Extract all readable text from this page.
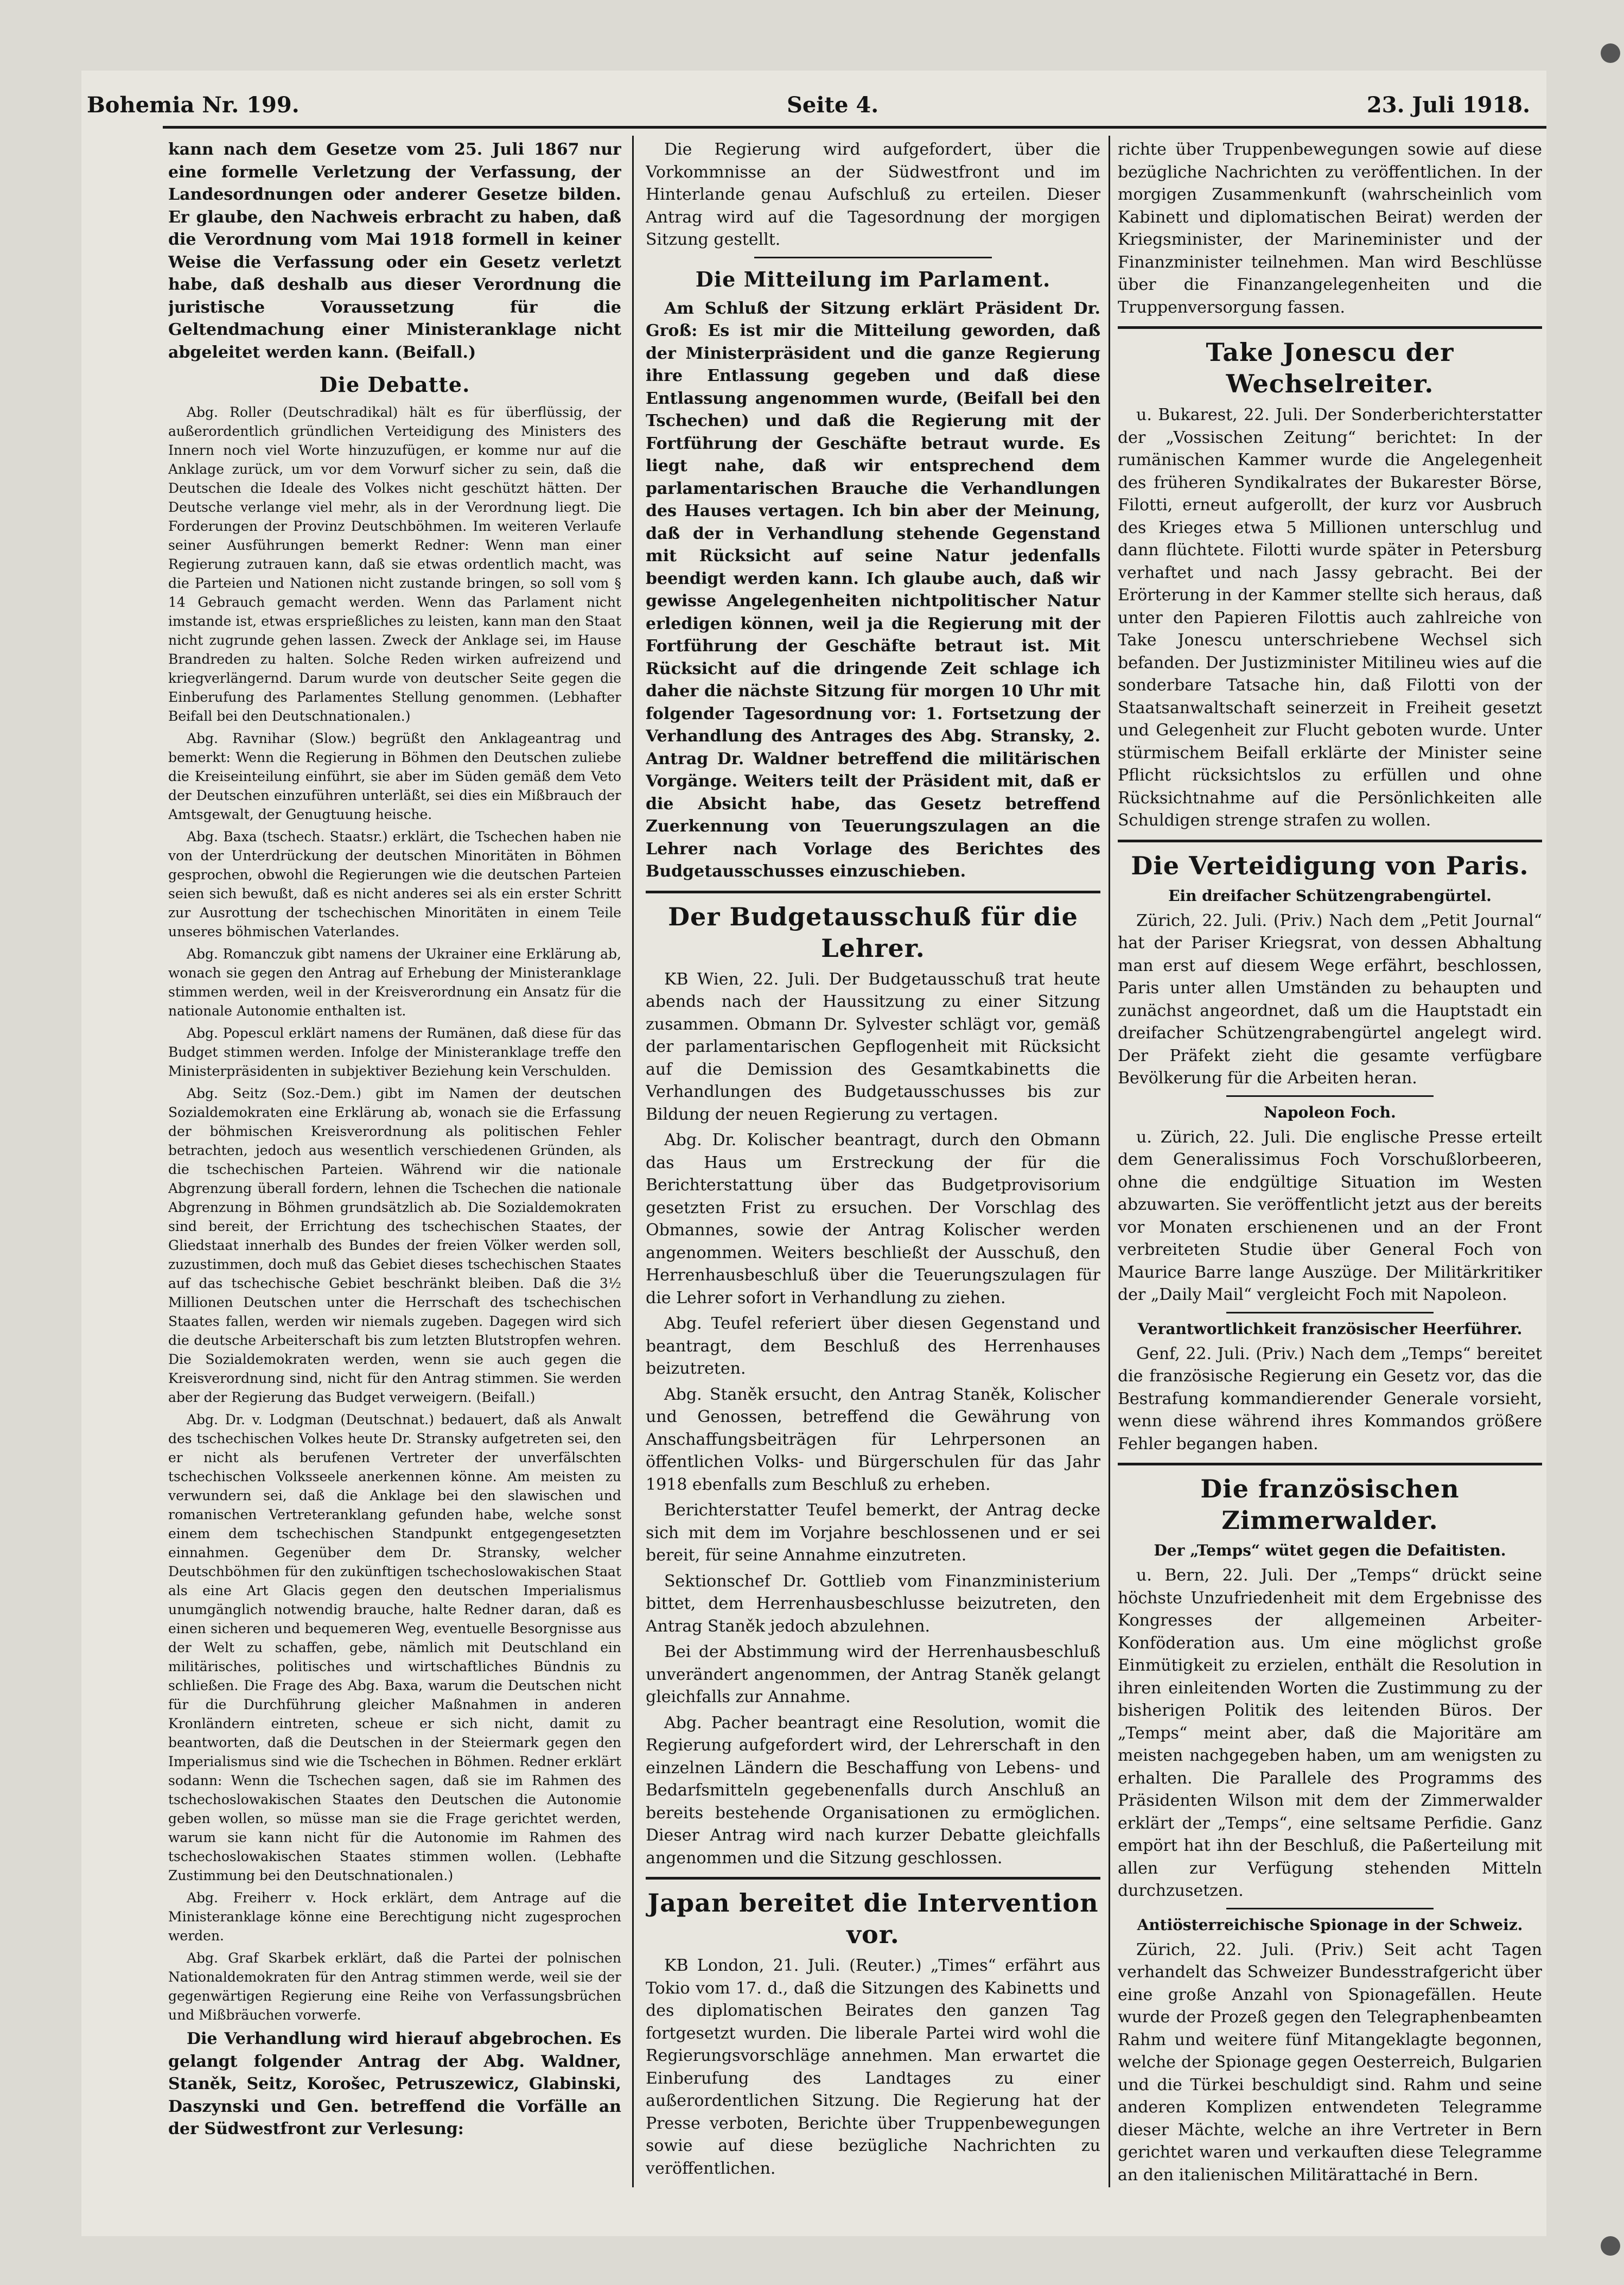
Bohemia Nr. 199.	Seite 4.	23. Juli 1918.

kann nach dem Gesetze vom 25. Juli 1867 nur eine formelle Verletzung der Verfassung, der Landesordnungen oder anderer Gesetze bilden. Er glaube, den Nachweis erbracht zu haben, daß die Verordnung vom Mai 1918 formell in keiner Weise die Verfassung oder ein Gesetz verletzt habe, daß deshalb aus dieser Verordnung die juristische Voraussetzung für die Geltendmachung einer Ministeranklage nicht abgeleitet werden kann. (Beifall.)

Die Debatte.

Abg. Roller (Deutschradikal) hält es für überflüssig, der außerordentlich gründlichen Verteidigung des Ministers des Innern noch viel Worte hinzuzufügen, er komme nur auf die Anklage zurück, um vor dem Vorwurf sicher zu sein, daß die Deutschen die Ideale des Volkes nicht geschützt hätten. Der Deutsche verlange viel mehr, als in der Verordnung liegt. Die Forderungen der Provinz Deutschböhmen. Im weiteren Verlaufe seiner Ausführungen bemerkt Redner: Wenn man einer Regierung zutrauen kann, daß sie etwas ordentlich macht, was die Parteien und Nationen nicht zustande bringen, so soll vom § 14 Gebrauch gemacht werden. Wenn das Parlament nicht imstande ist, etwas ersprießliches zu leisten, kann man den Staat nicht zugrunde gehen lassen. Zweck der Anklage sei, im Hause Brandreden zu halten. Solche Reden wirken aufreizend und kriegverlängernd. Darum wurde von deutscher Seite gegen die Einberufung des Parlamentes Stellung genommen. (Lebhafter Beifall bei den Deutschnationalen.)

Abg. Ravnihar (Slow.) begrüßt den Anklageantrag und bemerkt: Wenn die Regierung in Böhmen den Deutschen zuliebe die Kreiseinteilung einführt, sie aber im Süden gemäß dem Veto der Deutschen einzuführen unterläßt, sei dies ein Mißbrauch der Amtsgewalt, der Genugtuung heische.

Abg. Baxa (tschech. Staatsr.) erklärt, die Tschechen haben nie von der Unterdrückung der deutschen Minoritäten in Böhmen gesprochen, obwohl die Regierungen wie die deutschen Parteien seien sich bewußt, daß es nicht anderes sei als ein erster Schritt zur Ausrottung der tschechischen Minoritäten in einem Teile unseres böhmischen Vaterlandes.

Abg. Romanczuk gibt namens der Ukrainer eine Erklärung ab, wonach sie gegen den Antrag auf Erhebung der Ministeranklage stimmen werden, weil in der Kreisverordnung ein Ansatz für die nationale Autonomie enthalten ist.

Abg. Popescul erklärt namens der Rumänen, daß diese für das Budget stimmen werden. Infolge der Ministeranklage treffe den Ministerpräsidenten in subjektiver Beziehung kein Verschulden.

Abg. Seitz (Soz.-Dem.) gibt im Namen der deutschen Sozialdemokraten eine Erklärung ab, wonach sie die Erfassung der böhmischen Kreisverordnung als politischen Fehler betrachten, jedoch aus wesentlich verschiedenen Gründen, als die tschechischen Parteien. Während wir die nationale Abgrenzung überall fordern, lehnen die Tschechen die nationale Abgrenzung in Böhmen grundsätzlich ab. Die Sozialdemokraten sind bereit, der Errichtung des tschechischen Staates, der Gliedstaat innerhalb des Bundes der freien Völker werden soll, zuzustimmen, doch muß das Gebiet dieses tschechischen Staates auf das tschechische Gebiet beschränkt bleiben. Daß die 3½ Millionen Deutschen unter die Herrschaft des tschechischen Staates fallen, werden wir niemals zugeben. Dagegen wird sich die deutsche Arbeiterschaft bis zum letzten Blutstropfen wehren. Die Sozialdemokraten werden, wenn sie auch gegen die Kreisverordnung sind, nicht für den Antrag stimmen. Sie werden aber der Regierung das Budget verweigern. (Beifall.)

Abg. Dr. v. Lodgman (Deutschnat.) bedauert, daß als Anwalt des tschechischen Volkes heute Dr. Stransky aufgetreten sei, den er nicht als berufenen Vertreter der unverfälschten tschechischen Volksseele anerkennen könne. Am meisten zu verwundern sei, daß die Anklage bei den slawischen und romanischen Vertreteranklang gefunden habe, welche sonst einem dem tschechischen Standpunkt entgegengesetzten einnahmen. Gegenüber dem Dr. Stransky, welcher Deutschböhmen für den zukünftigen tschechoslowakischen Staat als eine Art Glacis gegen den deutschen Imperialismus unumgänglich notwendig brauche, halte Redner daran, daß es einen sicheren und bequemeren Weg, eventuelle Besorgnisse aus der Welt zu schaffen, gebe, nämlich mit Deutschland ein militärisches, politisches und wirtschaftliches Bündnis zu schließen. Die Frage des Abg. Baxa, warum die Deutschen nicht für die Durchführung gleicher Maßnahmen in anderen Kronländern eintreten, scheue er sich nicht, damit zu beantworten, daß die Deutschen in der Steiermark gegen den Imperialismus sind wie die Tschechen in Böhmen. Redner erklärt sodann: Wenn die Tschechen sagen, daß sie im Rahmen des tschechoslowakischen Staates den Deutschen die Autonomie geben wollen, so müsse man sie die Frage gerichtet werden, warum sie kann nicht für die Autonomie im Rahmen des tschechoslowakischen Staates stimmen wollen. (Lebhafte Zustimmung bei den Deutschnationalen.)

Abg. Freiherr v. Hock erklärt, dem Antrage auf die Ministeranklage könne eine Berechtigung nicht zugesprochen werden.

Abg. Graf Skarbek erklärt, daß die Partei der polnischen Nationaldemokraten für den Antrag stimmen werde, weil sie der gegenwärtigen Regierung eine Reihe von Verfassungsbrüchen und Mißbräuchen vorwerfe.

Die Verhandlung wird hierauf abgebrochen. Es gelangt folgender Antrag der Abg. Waldner, Staněk, Seitz, Korošec, Petruszewicz, Glabinski, Daszynski und Gen. betreffend die Vorfälle an der Südwestfront zur Verlesung:

Die Regierung wird aufgefordert, über die Vorkommnisse an der Südwestfront und im Hinterlande genau Aufschluß zu erteilen. Dieser Antrag wird auf die Tagesordnung der morgigen Sitzung gestellt.

Die Mitteilung im Parlament.

Am Schluß der Sitzung erklärt Präsident Dr. Groß: Es ist mir die Mitteilung geworden, daß der Ministerpräsident und die ganze Regierung ihre Entlassung gegeben und daß diese Entlassung angenommen wurde, (Beifall bei den Tschechen) und daß die Regierung mit der Fortführung der Geschäfte betraut wurde. Es liegt nahe, daß wir entsprechend dem parlamentarischen Brauche die Verhandlungen des Hauses vertagen. Ich bin aber der Meinung, daß der in Verhandlung stehende Gegenstand mit Rücksicht auf seine Natur jedenfalls beendigt werden kann. Ich glaube auch, daß wir gewisse Angelegenheiten nichtpolitischer Natur erledigen können, weil ja die Regierung mit der Fortführung der Geschäfte betraut ist. Mit Rücksicht auf die dringende Zeit schlage ich daher die nächste Sitzung für morgen 10 Uhr mit folgender Tagesordnung vor: 1. Fortsetzung der Verhandlung des Antrages des Abg. Stransky, 2. Antrag Dr. Waldner betreffend die militärischen Vorgänge. Weiters teilt der Präsident mit, daß er die Absicht habe, das Gesetz betreffend Zuerkennung von Teuerungszulagen an die Lehrer nach Vorlage des Berichtes des Budgetausschusses einzuschieben.

Der Budgetausschuß für die Lehrer.

KB Wien, 22. Juli. Der Budgetausschuß trat heute abends nach der Haussitzung zu einer Sitzung zusammen. Obmann Dr. Sylvester schlägt vor, gemäß der parlamentarischen Gepflogenheit mit Rücksicht auf die Demission des Gesamtkabinetts die Verhandlungen des Budgetausschusses bis zur Bildung der neuen Regierung zu vertagen.

Abg. Dr. Kolischer beantragt, durch den Obmann das Haus um Erstreckung der für die Berichterstattung über das Budgetprovisorium gesetzten Frist zu ersuchen. Der Vorschlag des Obmannes, sowie der Antrag Kolischer werden angenommen. Weiters beschließt der Ausschuß, den Herrenhausbeschluß über die Teuerungszulagen für die Lehrer sofort in Verhandlung zu ziehen.

Abg. Teufel referiert über diesen Gegenstand und beantragt, dem Beschluß des Herrenhauses beizutreten.

Abg. Staněk ersucht, den Antrag Staněk, Kolischer und Genossen, betreffend die Gewährung von Anschaffungsbeiträgen für Lehrpersonen an öffentlichen Volks- und Bürgerschulen für das Jahr 1918 ebenfalls zum Beschluß zu erheben.

Berichterstatter Teufel bemerkt, der Antrag decke sich mit dem im Vorjahre beschlossenen und er sei bereit, für seine Annahme einzutreten.

Sektionschef Dr. Gottlieb vom Finanzministerium bittet, dem Herrenhausbeschlusse beizutreten, den Antrag Staněk jedoch abzulehnen.

Bei der Abstimmung wird der Herrenhausbeschluß unverändert angenommen, der Antrag Staněk gelangt gleichfalls zur Annahme.

Abg. Pacher beantragt eine Resolution, womit die Regierung aufgefordert wird, der Lehrerschaft in den einzelnen Ländern die Beschaffung von Lebens- und Bedarfsmitteln gegebenenfalls durch Anschluß an bereits bestehende Organisationen zu ermöglichen. Dieser Antrag wird nach kurzer Debatte gleichfalls angenommen und die Sitzung geschlossen.

Japan bereitet die Intervention vor.

KB London, 21. Juli. (Reuter.) „Times“ erfährt aus Tokio vom 17. d., daß die Sitzungen des Kabinetts und des diplomatischen Beirates den ganzen Tag fortgesetzt wurden. Die liberale Partei wird wohl die Regierungsvorschläge annehmen. Man erwartet die Einberufung des Landtages zu einer außerordentlichen Sitzung. Die Regierung hat der Presse verboten, Berichte über Truppenbewegungen sowie auf diese bezügliche Nachrichten zu veröffentlichen.

richte über Truppenbewegungen sowie auf diese bezügliche Nachrichten zu veröffentlichen. In der morgigen Zusammenkunft (wahrscheinlich vom Kabinett und diplomatischen Beirat) werden der Kriegsminister, der Marineminister und der Finanzminister teilnehmen. Man wird Beschlüsse über die Finanzangelegenheiten und die Truppenversorgung fassen.

Take Jonescu der Wechselreiter.

u. Bukarest, 22. Juli. Der Sonderberichterstatter der „Vossischen Zeitung“ berichtet: In der rumänischen Kammer wurde die Angelegenheit des früheren Syndikalrates der Bukarester Börse, Filotti, erneut aufgerollt, der kurz vor Ausbruch des Krieges etwa 5 Millionen unterschlug und dann flüchtete. Filotti wurde später in Petersburg verhaftet und nach Jassy gebracht. Bei der Erörterung in der Kammer stellte sich heraus, daß unter den Papieren Filottis auch zahlreiche von Take Jonescu unterschriebene Wechsel sich befanden. Der Justizminister Mitilineu wies auf die sonderbare Tatsache hin, daß Filotti von der Staatsanwaltschaft seinerzeit in Freiheit gesetzt und Gelegenheit zur Flucht geboten wurde. Unter stürmischem Beifall erklärte der Minister seine Pflicht rücksichtslos zu erfüllen und ohne Rücksichtnahme auf die Persönlichkeiten alle Schuldigen strenge strafen zu wollen.

Die Verteidigung von Paris.
Ein dreifacher Schützengrabengürtel.

Zürich, 22. Juli. (Priv.) Nach dem „Petit Journal“ hat der Pariser Kriegsrat, von dessen Abhaltung man erst auf diesem Wege erfährt, beschlossen, Paris unter allen Umständen zu behaupten und zunächst angeordnet, daß um die Hauptstadt ein dreifacher Schützengrabengürtel angelegt wird. Der Präfekt zieht die gesamte verfügbare Bevölkerung für die Arbeiten heran.

Napoleon Foch.

u. Zürich, 22. Juli. Die englische Presse erteilt dem Generalissimus Foch Vorschußlorbeeren, ohne die endgültige Situation im Westen abzuwarten. Sie veröffentlicht jetzt aus der bereits vor Monaten erschienenen und an der Front verbreiteten Studie über General Foch von Maurice Barre lange Auszüge. Der Militärkritiker der „Daily Mail“ vergleicht Foch mit Napoleon.

Verantwortlichkeit französischer Heerführer.

Genf, 22. Juli. (Priv.) Nach dem „Temps“ bereitet die französische Regierung ein Gesetz vor, das die Bestrafung kommandierender Generale vorsieht, wenn diese während ihres Kommandos größere Fehler begangen haben.

Die französischen Zimmerwalder.
Der „Temps“ wütet gegen die Defaitisten.

u. Bern, 22. Juli. Der „Temps“ drückt seine höchste Unzufriedenheit mit dem Ergebnisse des Kongresses der allgemeinen Arbeiter-Konföderation aus. Um eine möglichst große Einmütigkeit zu erzielen, enthält die Resolution in ihren einleitenden Worten die Zustimmung zu der bisherigen Politik des leitenden Büros. Der „Temps“ meint aber, daß die Majoritäre am meisten nachgegeben haben, um am wenigsten zu erhalten. Die Parallele des Programms des Präsidenten Wilson mit dem der Zimmerwalder erklärt der „Temps“, eine seltsame Perfidie. Ganz empört hat ihn der Beschluß, die Paßerteilung mit allen zur Verfügung stehenden Mitteln durchzusetzen.

Antiösterreichische Spionage in der Schweiz.

Zürich, 22. Juli. (Priv.) Seit acht Tagen verhandelt das Schweizer Bundesstrafgericht über eine große Anzahl von Spionagefällen. Heute wurde der Prozeß gegen den Telegraphenbeamten Rahm und weitere fünf Mitangeklagte begonnen, welche der Spionage gegen Oesterreich, Bulgarien und die Türkei beschuldigt sind. Rahm und seine anderen Komplizen entwendeten Telegramme dieser Mächte, welche an ihre Vertreter in Bern gerichtet waren und verkauften diese Telegramme an den italienischen Militärattaché in Bern.
